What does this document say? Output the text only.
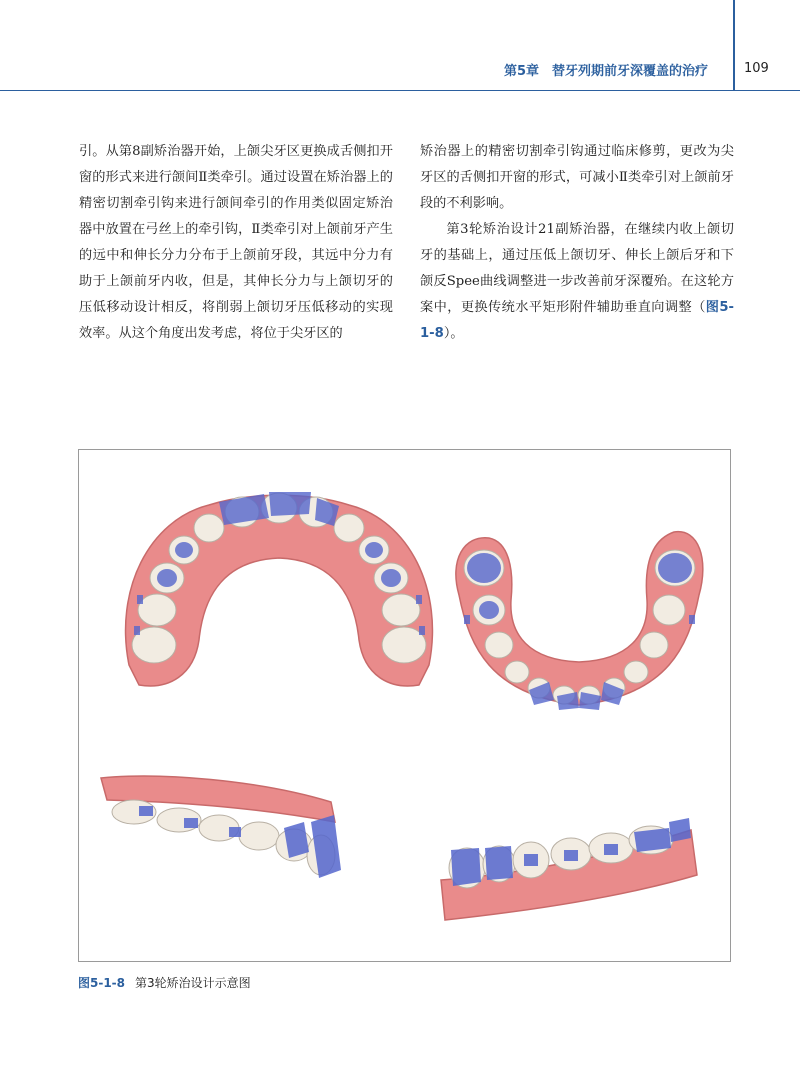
第5章　替牙列期前牙深覆盖的治疗	109

引。从第8副矫治器开始，上颌尖牙区更换成舌侧扣开窗的形式来进行颌间Ⅱ类牵引。通过设置在矫治器上的精密切割牵引钩来进行颌间牵引的作用类似固定矫治器中放置在弓丝上的牵引钩，Ⅱ类牵引对上颌前牙产生的远中和伸长分力分布于上颌前牙段，其远中分力有助于上颌前牙内收，但是，其伸长分力与上颌切牙的压低移动设计相反，将削弱上颌切牙压低移动的实现效率。从这个角度出发考虑，将位于尖牙区的

矫治器上的精密切割牵引钩通过临床修剪，更改为尖牙区的舌侧扣开窗的形式，可减小Ⅱ类牵引对上颌前牙段的不利影响。

第3轮矫治设计21副矫治器，在继续内收上颌切牙的基础上，通过压低上颌切牙、伸长上颌后牙和下颌反Spee曲线调整进一步改善前牙深覆殆。在这轮方案中，更换传统水平矩形附件辅助垂直向调整（图5-1-8）。

图5-1-8 第3轮矫治设计示意图
